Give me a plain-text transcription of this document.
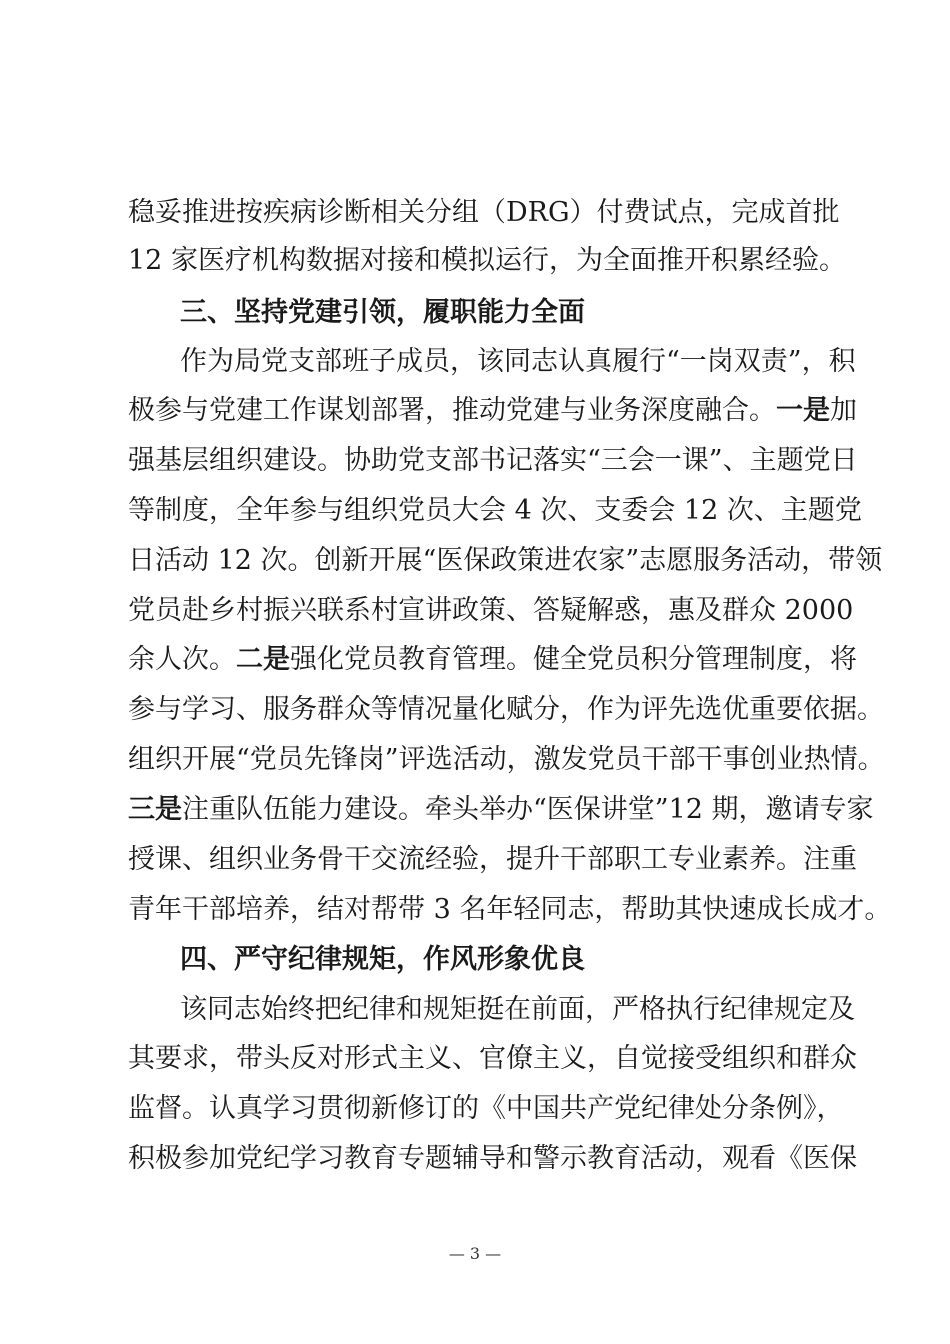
稳妥推进按疾病诊断相关分组（DRG）付费试点，完成首批
12 家医疗机构数据对接和模拟运行，为全面推开积累经验。
三、坚持党建引领，履职能力全面
作为局党支部班子成员，该同志认真履行“一岗双责”，积
极参与党建工作谋划部署，推动党建与业务深度融合。一是加
强基层组织建设。协助党支部书记落实“三会一课”、主题党日
等制度，全年参与组织党员大会 4 次、支委会 12 次、主题党
日活动 12 次。创新开展“医保政策进农家”志愿服务活动，带领
党员赴乡村振兴联系村宣讲政策、答疑解惑，惠及群众 2000
余人次。二是强化党员教育管理。健全党员积分管理制度，将
参与学习、服务群众等情况量化赋分，作为评先选优重要依据。
组织开展“党员先锋岗”评选活动，激发党员干部干事创业热情。
三是注重队伍能力建设。牵头举办“医保讲堂”12 期，邀请专家
授课、组织业务骨干交流经验，提升干部职工专业素养。注重
青年干部培养，结对帮带 3 名年轻同志，帮助其快速成长成才。
四、严守纪律规矩，作风形象优良
该同志始终把纪律和规矩挺在前面，严格执行纪律规定及
其要求，带头反对形式主义、官僚主义，自觉接受组织和群众
监督。认真学习贯彻新修订的《中国共产党纪律处分条例》，
积极参加党纪学习教育专题辅导和警示教育活动，观看《医保
— 3 —
